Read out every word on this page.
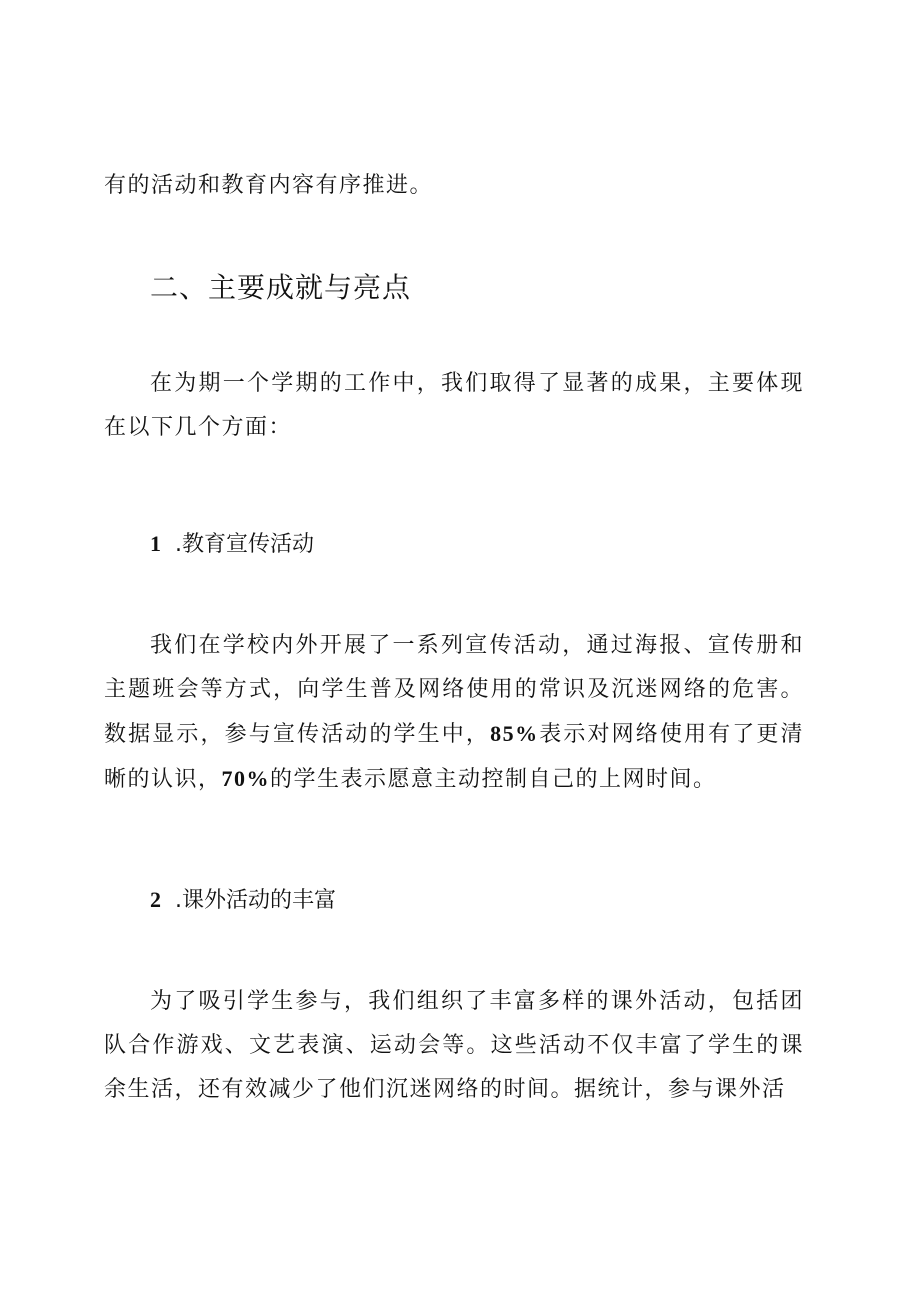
有的活动和教育内容有序推进。

二、主要成就与亮点

在为期一个学期的工作中，我们取得了显著的成果，主要体现在以下几个方面：

1 .教育宣传活动

我们在学校内外开展了一系列宣传活动，通过海报、宣传册和主题班会等方式，向学生普及网络使用的常识及沉迷网络的危害。数据显示，参与宣传活动的学生中，85%表示对网络使用有了更清晰的认识，70%的学生表示愿意主动控制自己的上网时间。

2 .课外活动的丰富

为了吸引学生参与，我们组织了丰富多样的课外活动，包括团队合作游戏、文艺表演、运动会等。这些活动不仅丰富了学生的课余生活，还有效减少了他们沉迷网络的时间。据统计，参与课外活
